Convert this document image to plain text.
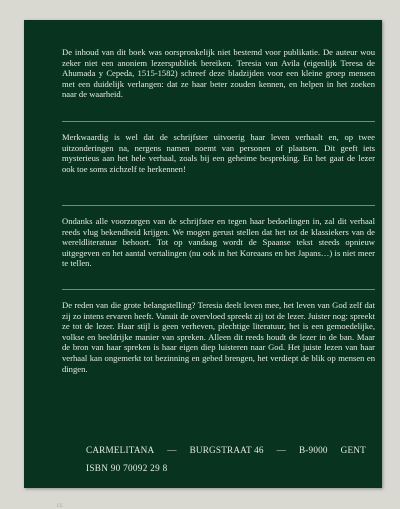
De inhoud van dit boek was oorspronkelijk niet bestemd voor publikatie. De auteur wou zeker niet een anoniem lezerspubliek bereiken. Teresia van Avila (eigenlijk Teresa de Ahumada y Cepeda, 1515-1582) schreef deze bladzijden voor een kleine groep mensen met een duidelijk verlangen: dat ze haar beter zouden kennen, en helpen in het zoeken naar de waarheid.

Merkwaardig is wel dat de schrijfster uitvoerig haar leven verhaalt en, op twee uitzonderingen na, nergens namen noemt van personen of plaatsen. Dit geeft iets mysterieus aan het hele verhaal, zoals bij een geheime bespreking. En het gaat de lezer ook toe soms zichzelf te herkennen!

Ondanks alle voorzorgen van de schrijfster en tegen haar bedoelingen in, zal dit verhaal reeds vlug bekendheid krijgen. We mogen gerust stellen dat het tot de klassiekers van de wereldliteratuur behoort. Tot op vandaag wordt de Spaanse tekst steeds opnieuw uitgegeven en het aantal vertalingen (nu ook in het Koreaans en het Japans…) is niet meer te tellen.

De reden van die grote belangstelling? Teresia deelt leven mee, het leven van God zelf dat zij zo intens ervaren heeft. Vanuit de overvloed spreekt zij tot de lezer. Juister nog: spreekt ze tot de lezer. Haar stijl is geen verheven, plechtige literatuur, het is een gemoedelijke, volkse en beeldrijke manier van spreken. Alleen dit reeds houdt de lezer in de ban. Maar de bron van haar spreken is haar eigen diep luisteren naar God. Het juiste lezen van haar verhaal kan ongemerkt tot bezinning en gebed brengen, het verdiept de blik op mensen en dingen.

CARMELITANA — BURGSTRAAT 46 — B-9000 GENT
ISBN 90 70092 29 8
cc
